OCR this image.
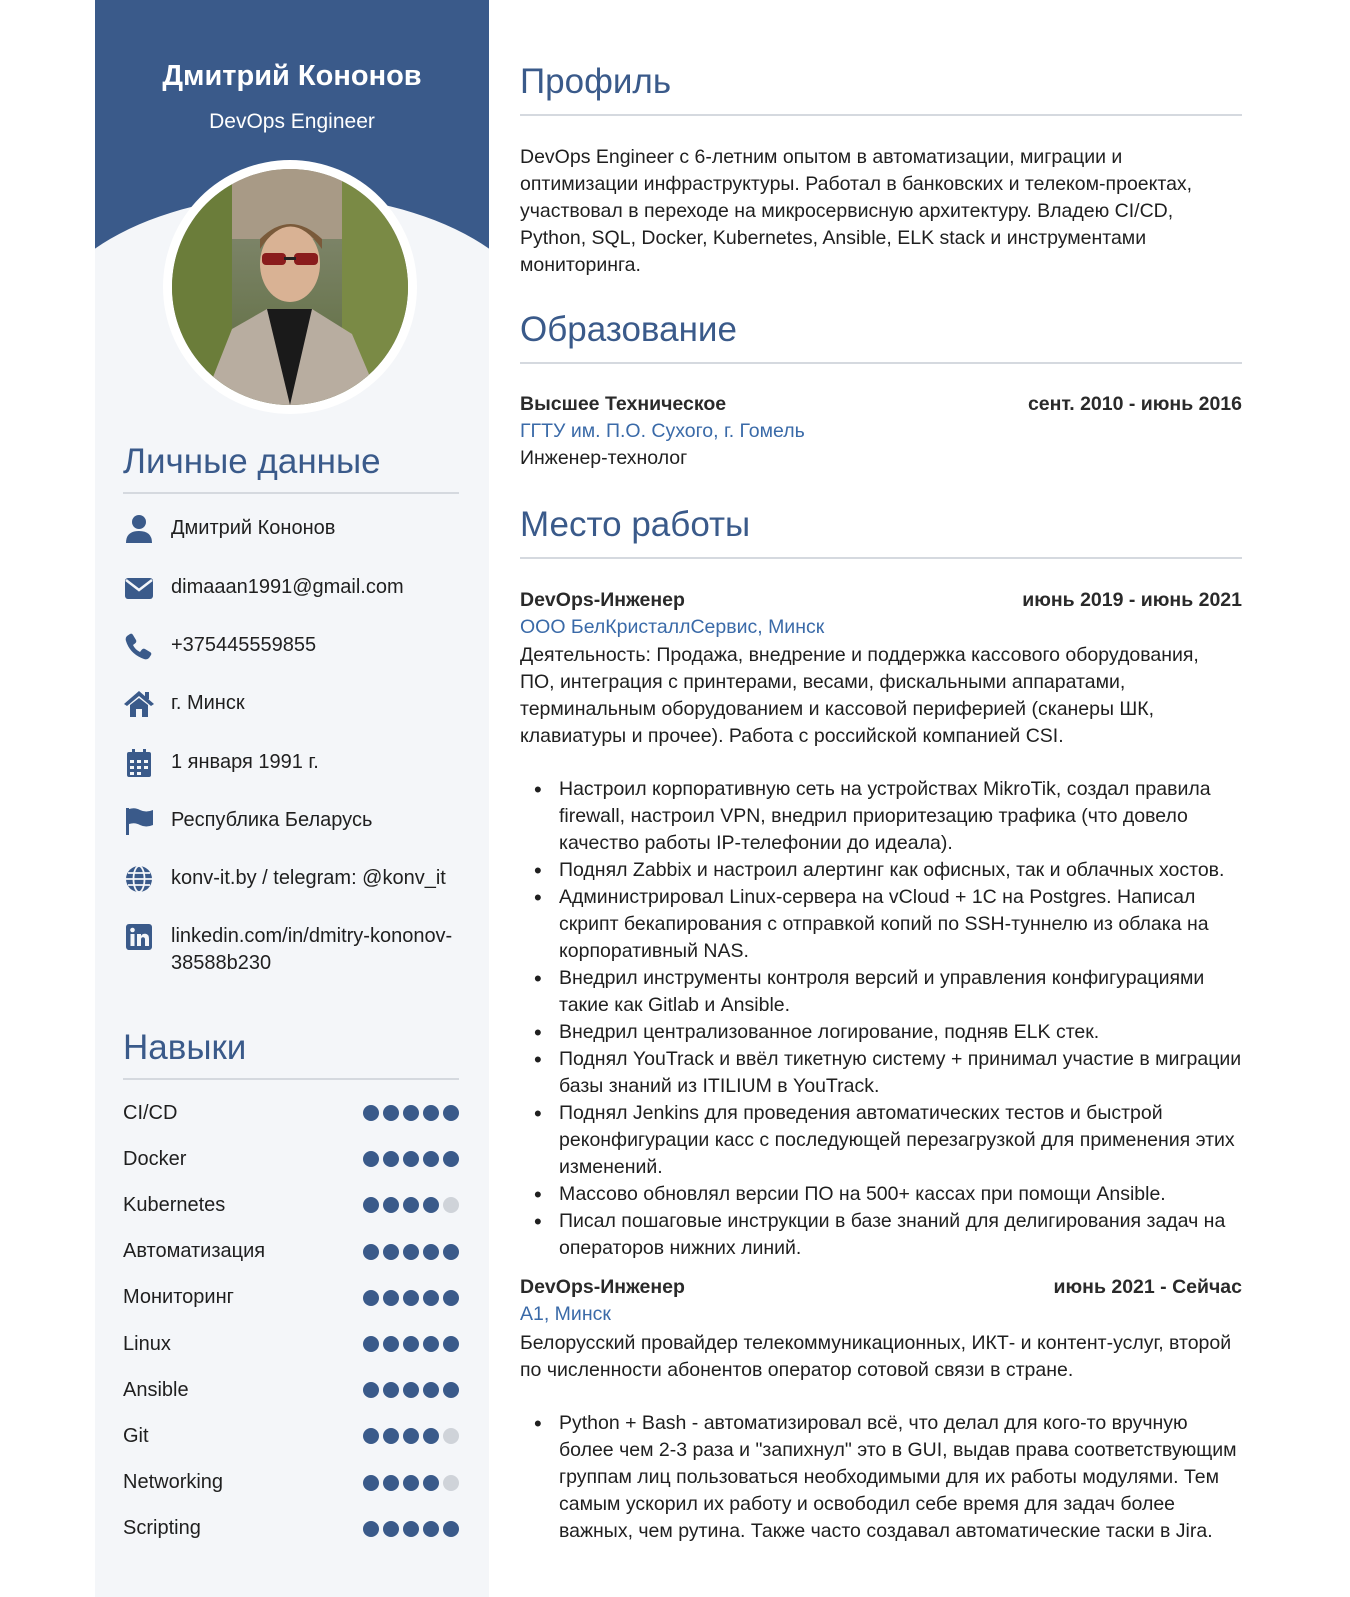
Дмитрий Кононов
DevOps Engineer
Личные данные
Дмитрий Кононов
dimaaan1991@gmail.com
+375445559855
г. Минск
1 января 1991 г.
Республика Беларусь
konv-it.by / telegram: @konv_it
linkedin.com/in/dmitry-kononov-38588b230
Навыки
CI/CD
Docker
Kubernetes
Автоматизация
Мониторинг
Linux
Ansible
Git
Networking
Scripting
Профиль
DevOps Engineer с 6-летним опытом в автоматизации, миграции и оптимизации инфраструктуры. Работал в банковских и телеком-проектах, участвовал в переходе на микросервисную архитектуру. Владею CI/CD, Python, SQL, Docker, Kubernetes, Ansible, ELK stack и инструментами мониторинга.
Образование
Высшее Техническое	сент. 2010 - июнь 2016
ГГТУ им. П.О. Сухого, г. Гомель
Инженер-технолог
Место работы
DevOps-Инженер	июнь 2019 - июнь 2021
ООО БелКристаллСервис, Минск
Деятельность: Продажа, внедрение и поддержка кассового оборудования, ПО, интеграция с принтерами, весами, фискальными аппаратами, терминальным оборудованием и кассовой периферией (сканеры ШК, клавиатуры и прочее). Работа с российской компанией CSI.
• Настроил корпоративную сеть на устройствах MikroTik, создал правила firewall, настроил VPN, внедрил приоритезацию трафика (что довело качество работы IP-телефонии до идеала).
• Поднял Zabbix и настроил алертинг как офисных, так и облачных хостов.
• Администрировал Linux-сервера на vCloud + 1C на Postgres. Написал скрипт бекапирования с отправкой копий по SSH-туннелю из облака на корпоративный NAS.
• Внедрил инструменты контроля версий и управления конфигурациями такие как Gitlab и Ansible.
• Внедрил централизованное логирование, подняв ELK стек.
• Поднял YouTrack и ввёл тикетную систему + принимал участие в миграции базы знаний из ITILIUM в YouTrack.
• Поднял Jenkins для проведения автоматических тестов и быстрой реконфигурации касс с последующей перезагрузкой для применения этих изменений.
• Массово обновлял версии ПО на 500+ кассах при помощи Ansible.
• Писал пошаговые инструкции в базе знаний для делигирования задач на операторов нижних линий.
DevOps-Инженер	июнь 2021 - Сейчас
A1, Минск
Белорусский провайдер телекоммуникационных, ИКТ- и контент-услуг, второй по численности абонентов оператор сотовой связи в стране.
• Python + Bash - автоматизировал всё, что делал для кого-то вручную более чем 2-3 раза и "запихнул" это в GUI, выдав права соответствующим группам лиц пользоваться необходимыми для их работы модулями. Тем самым ускорил их работу и освободил себе время для задач более важных, чем рутина. Также часто создавал автоматические таски в Jira.
